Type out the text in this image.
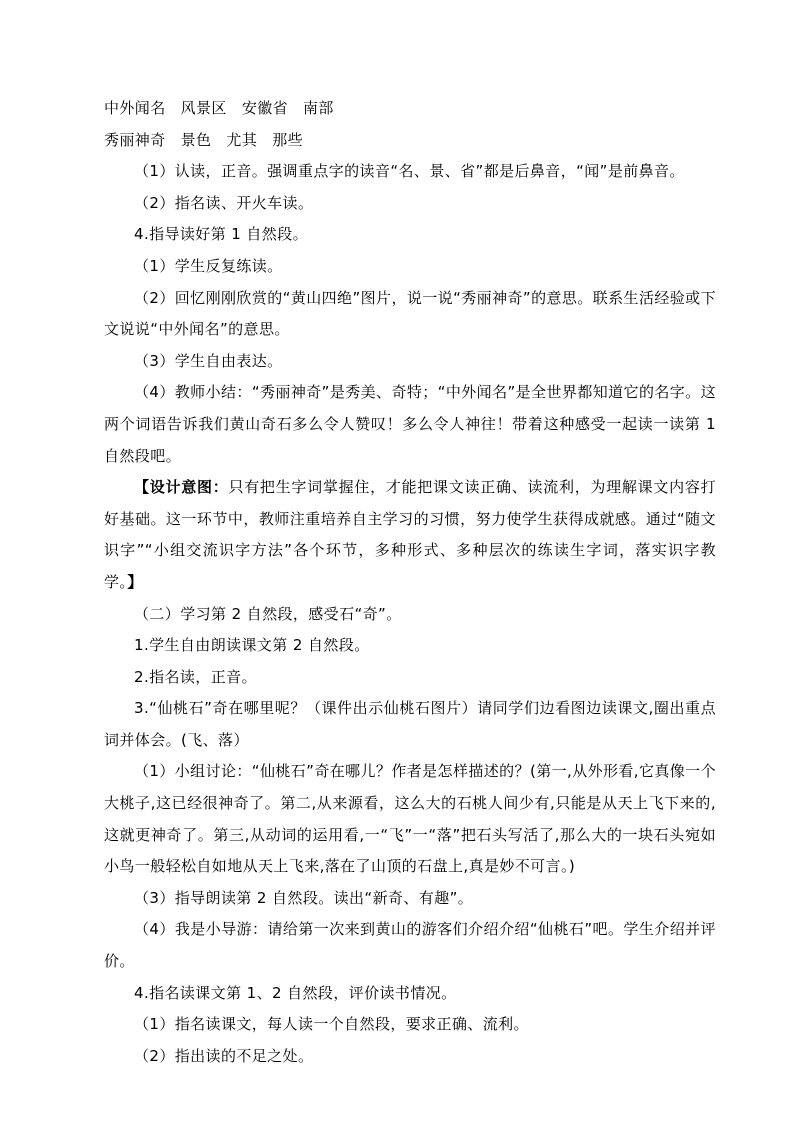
中外闻名 风景区 安徽省 南部

秀丽神奇 景色 尤其 那些

（1）认读，正音。强调重点字的读音“名、景、省”都是后鼻音，“闻”是前鼻音。

（2）指名读、开火车读。

4.指导读好第 1 自然段。

（1）学生反复练读。

（2）回忆刚刚欣赏的“黄山四绝”图片，说一说“秀丽神奇”的意思。联系生活经验或下文说说“中外闻名”的意思。

（3）学生自由表达。

（4）教师小结：“秀丽神奇”是秀美、奇特；“中外闻名”是全世界都知道它的名字。这两个词语告诉我们黄山奇石多么令人赞叹！多么令人神往！带着这种感受一起读一读第 1 自然段吧。

【设计意图：只有把生字词掌握住，才能把课文读正确、读流利，为理解课文内容打好基础。这一环节中，教师注重培养自主学习的习惯，努力使学生获得成就感。通过“随文识字”“小组交流识字方法”各个环节，多种形式、多种层次的练读生字词，落实识字教学。】

（二）学习第 2 自然段，感受石“奇”。

1.学生自由朗读课文第 2 自然段。

2.指名读，正音。

3.“仙桃石”奇在哪里呢？（课件出示仙桃石图片）请同学们边看图边读课文,圈出重点词并体会。(飞、落）

（1）小组讨论：“仙桃石”奇在哪儿？作者是怎样描述的？(第一,从外形看,它真像一个大桃子,这已经很神奇了。第二,从来源看，这么大的石桃人间少有,只能是从天上飞下来的,这就更神奇了。第三,从动词的运用看,一“飞”一“落”把石头写活了,那么大的一块石头宛如小鸟一般轻松自如地从天上飞来,落在了山顶的石盘上,真是妙不可言。)

（3）指导朗读第 2 自然段。读出“新奇、有趣”。

（4）我是小导游：请给第一次来到黄山的游客们介绍介绍“仙桃石”吧。学生介绍并评价。

4.指名读课文第 1、2 自然段，评价读书情况。

（1）指名读课文，每人读一个自然段，要求正确、流利。

（2）指出读的不足之处。
